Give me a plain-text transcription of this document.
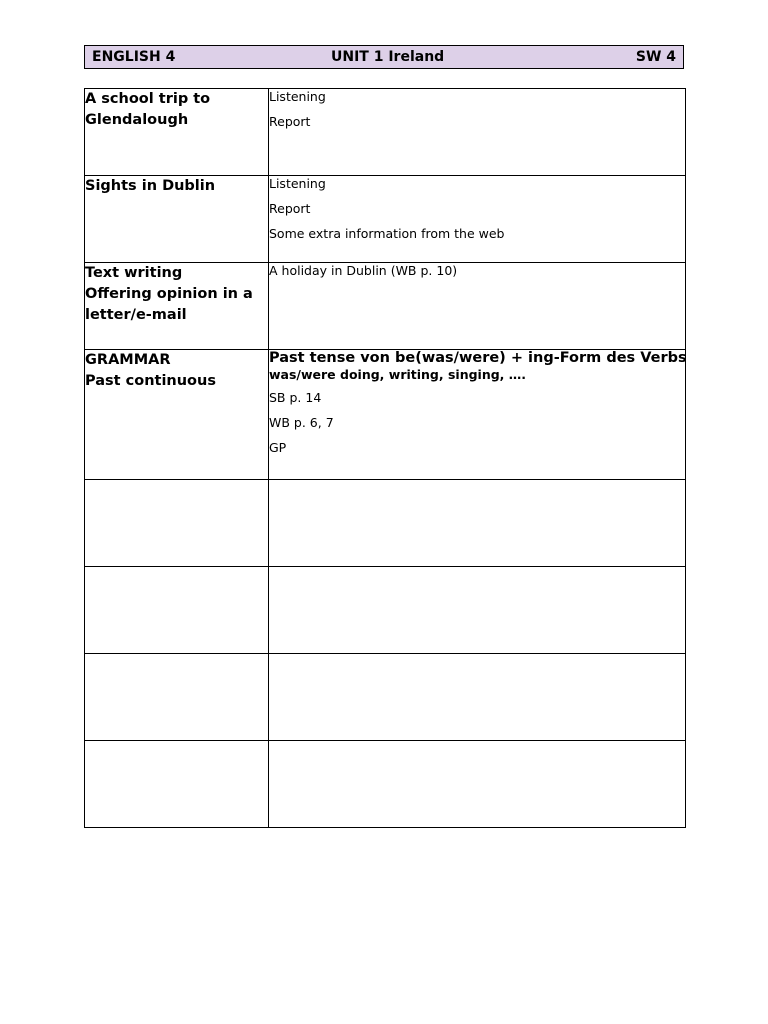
ENGLISH 4	UNIT 1 Ireland	SW 4
A school trip to
Glendalough	Listening
Report

Sights in Dublin	Listening
Report
Some extra information from the web

Text writing
Offering opinion in a
letter/e-mail	A holiday in Dublin (WB p. 10)

GRAMMAR
Past continuous	Past tense von be(was/were) + ing-Form des Verbs
was/were doing, writing, singing, ….
SB p. 14
WB p. 6, 7
GP
